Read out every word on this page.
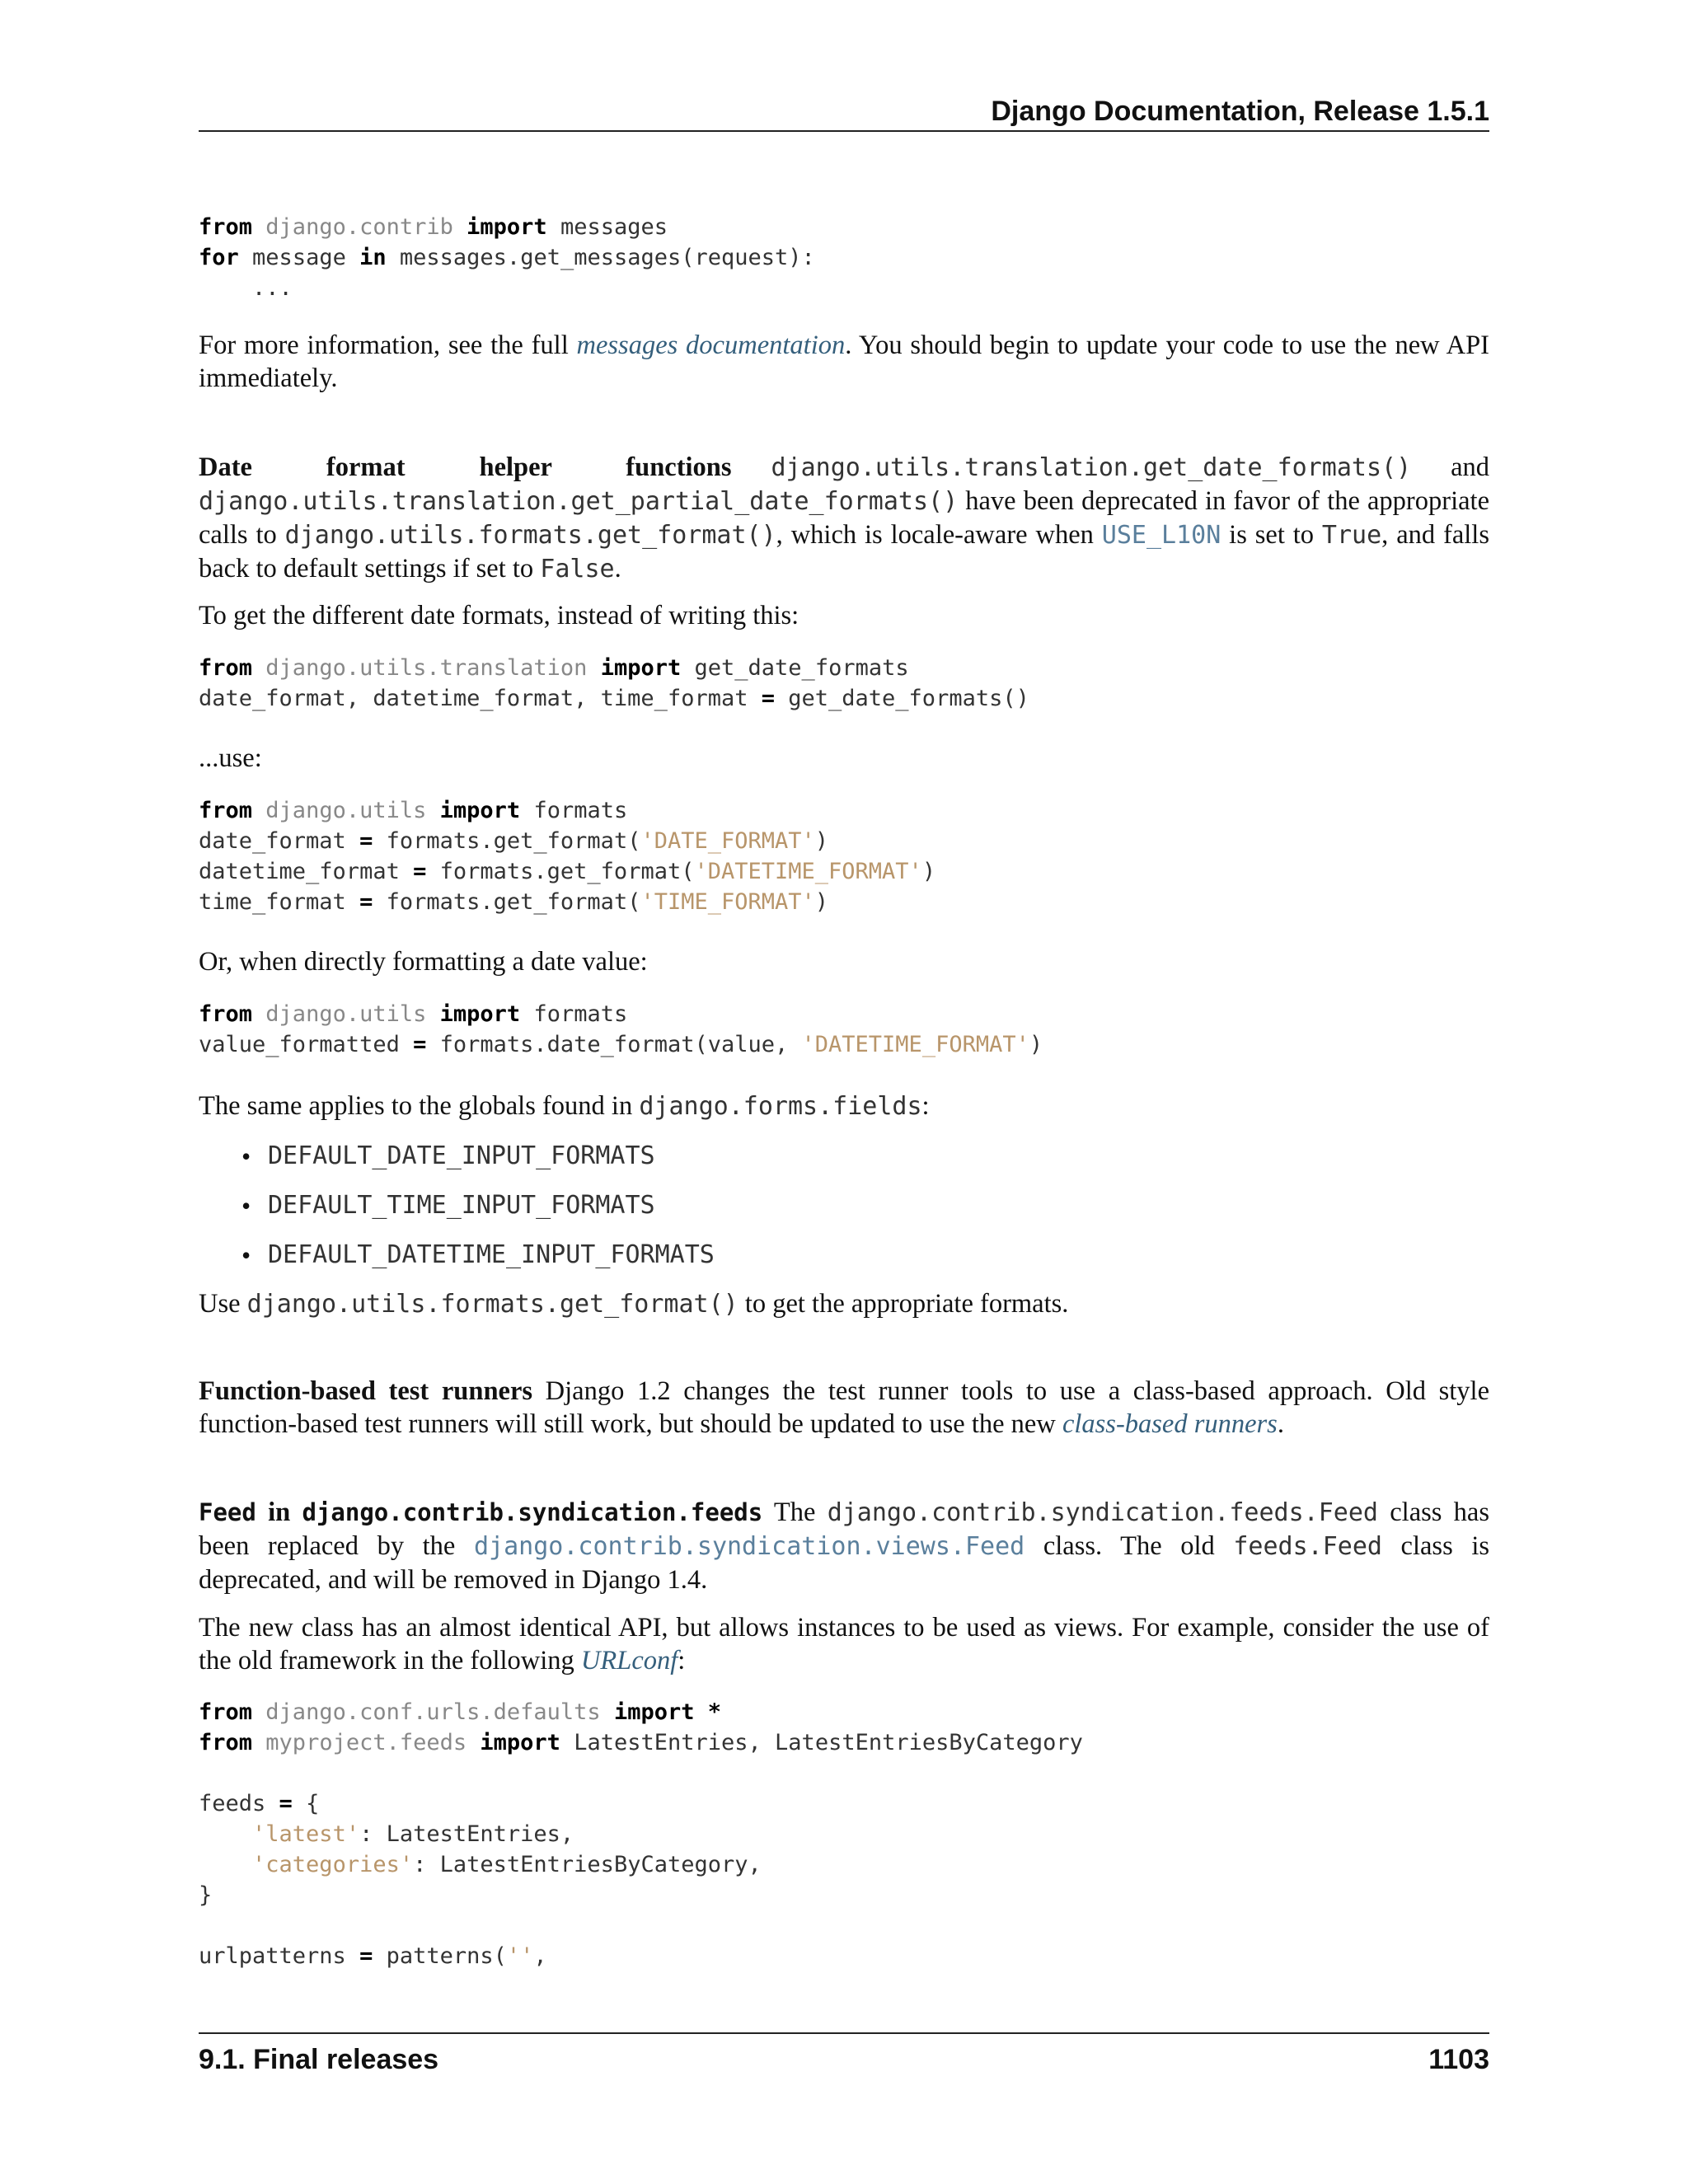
Django Documentation, Release 1.5.1
from django.contrib import messages
for message in messages.get_messages(request):
...

For more information, see the full messages documentation. You should begin to update your code to use the new API immediately.

Date format helper functions django.utils.translation.get_date_formats() and django.utils.translation.get_partial_date_formats() have been deprecated in favor of the appropriate calls to django.utils.formats.get_format(), which is locale-aware when USE_L10N is set to True, and falls back to default settings if set to False.

To get the different date formats, instead of writing this:

from django.utils.translation import get_date_formats
date_format, datetime_format, time_format = get_date_formats()

...use:

from django.utils import formats
date_format = formats.get_format('DATE_FORMAT')
datetime_format = formats.get_format('DATETIME_FORMAT')
time_format = formats.get_format('TIME_FORMAT')

Or, when directly formatting a date value:

from django.utils import formats
value_formatted = formats.date_format(value, 'DATETIME_FORMAT')

The same applies to the globals found in django.forms.fields:

• DEFAULT_DATE_INPUT_FORMATS
• DEFAULT_TIME_INPUT_FORMATS
• DEFAULT_DATETIME_INPUT_FORMATS

Use django.utils.formats.get_format() to get the appropriate formats.

Function-based test runners Django 1.2 changes the test runner tools to use a class-based approach. Old style function-based test runners will still work, but should be updated to use the new class-based runners.

Feed in django.contrib.syndication.feeds The django.contrib.syndication.feeds.Feed class has been replaced by the django.contrib.syndication.views.Feed class. The old feeds.Feed class is deprecated, and will be removed in Django 1.4.

The new class has an almost identical API, but allows instances to be used as views. For example, consider the use of the old framework in the following URLconf:

from django.conf.urls.defaults import *
from myproject.feeds import LatestEntries, LatestEntriesByCategory

feeds = {
'latest': LatestEntries,
'categories': LatestEntriesByCategory,
}

urlpatterns = patterns('',
9.1. Final releases	1103
